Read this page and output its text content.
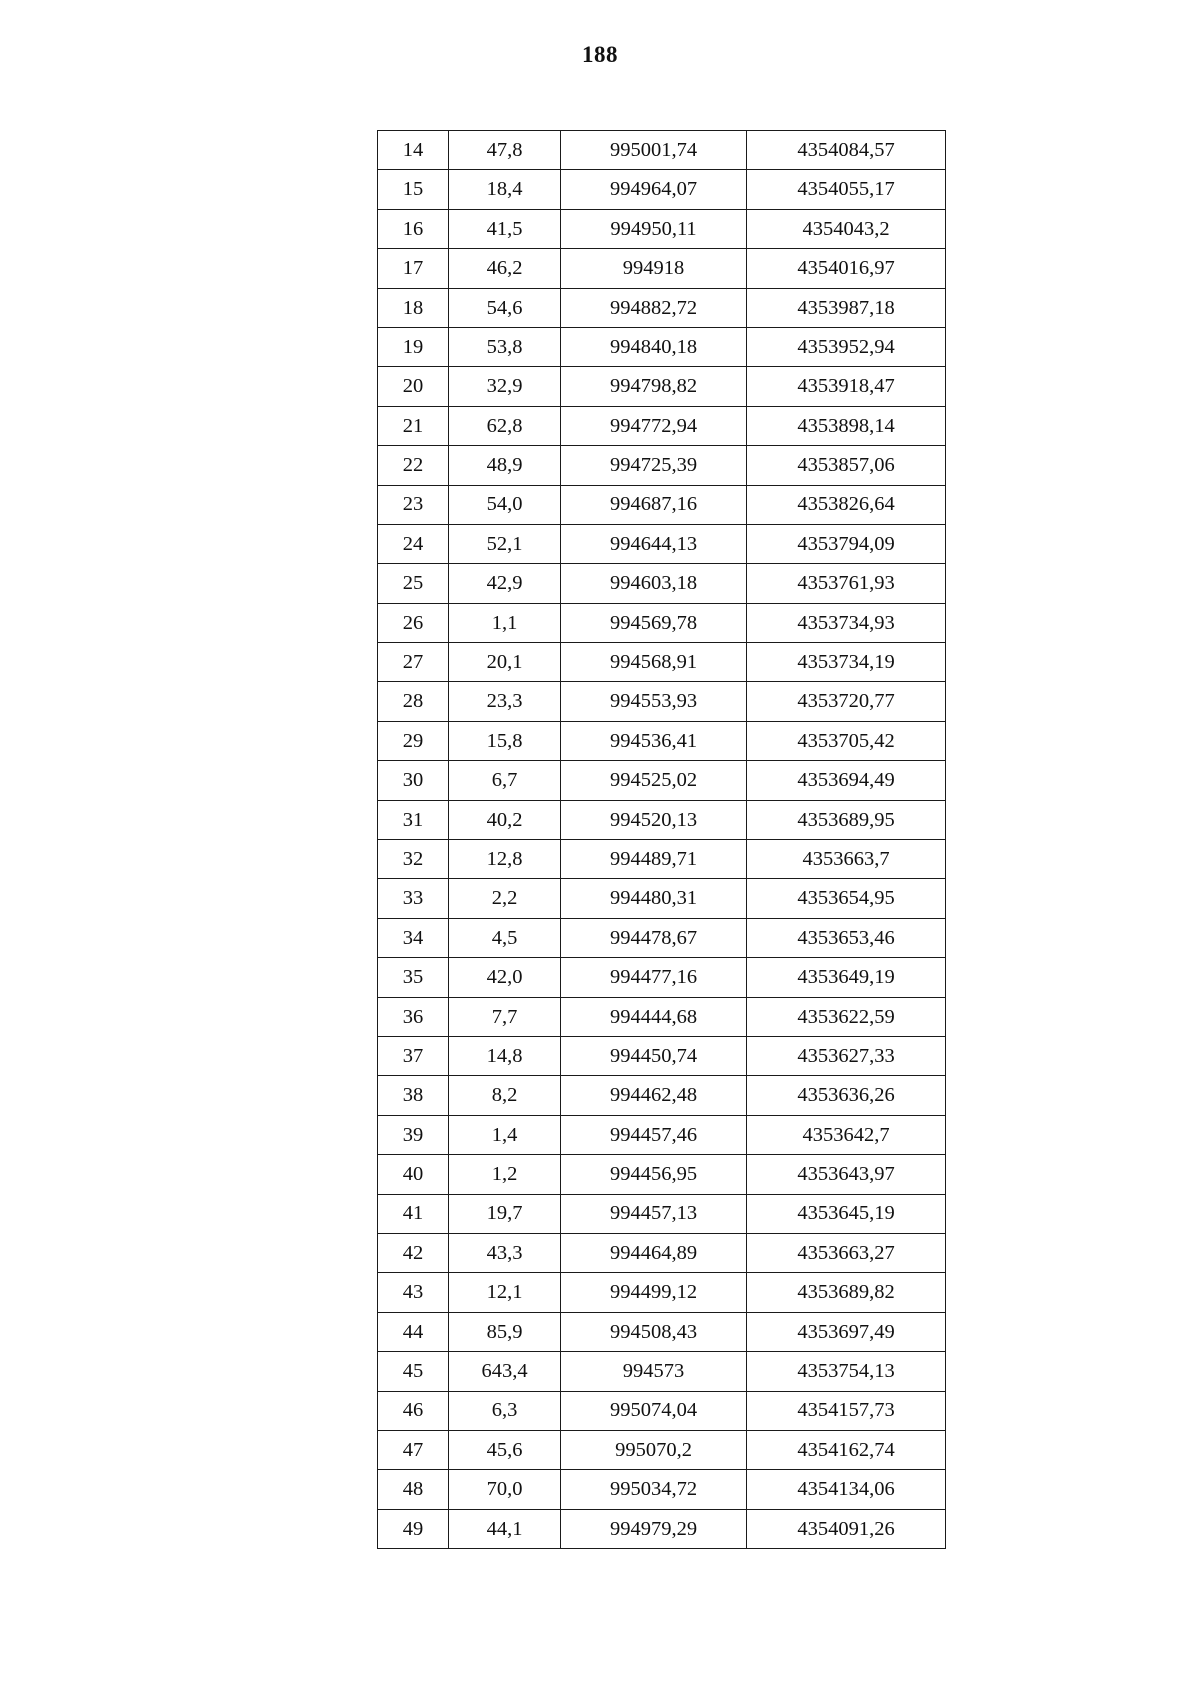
188
14	47,8	995001,74	4354084,57
15	18,4	994964,07	4354055,17
16	41,5	994950,11	4354043,2
17	46,2	994918	4354016,97
18	54,6	994882,72	4353987,18
19	53,8	994840,18	4353952,94
20	32,9	994798,82	4353918,47
21	62,8	994772,94	4353898,14
22	48,9	994725,39	4353857,06
23	54,0	994687,16	4353826,64
24	52,1	994644,13	4353794,09
25	42,9	994603,18	4353761,93
26	1,1	994569,78	4353734,93
27	20,1	994568,91	4353734,19
28	23,3	994553,93	4353720,77
29	15,8	994536,41	4353705,42
30	6,7	994525,02	4353694,49
31	40,2	994520,13	4353689,95
32	12,8	994489,71	4353663,7
33	2,2	994480,31	4353654,95
34	4,5	994478,67	4353653,46
35	42,0	994477,16	4353649,19
36	7,7	994444,68	4353622,59
37	14,8	994450,74	4353627,33
38	8,2	994462,48	4353636,26
39	1,4	994457,46	4353642,7
40	1,2	994456,95	4353643,97
41	19,7	994457,13	4353645,19
42	43,3	994464,89	4353663,27
43	12,1	994499,12	4353689,82
44	85,9	994508,43	4353697,49
45	643,4	994573	4353754,13
46	6,3	995074,04	4354157,73
47	45,6	995070,2	4354162,74
48	70,0	995034,72	4354134,06
49	44,1	994979,29	4354091,26
